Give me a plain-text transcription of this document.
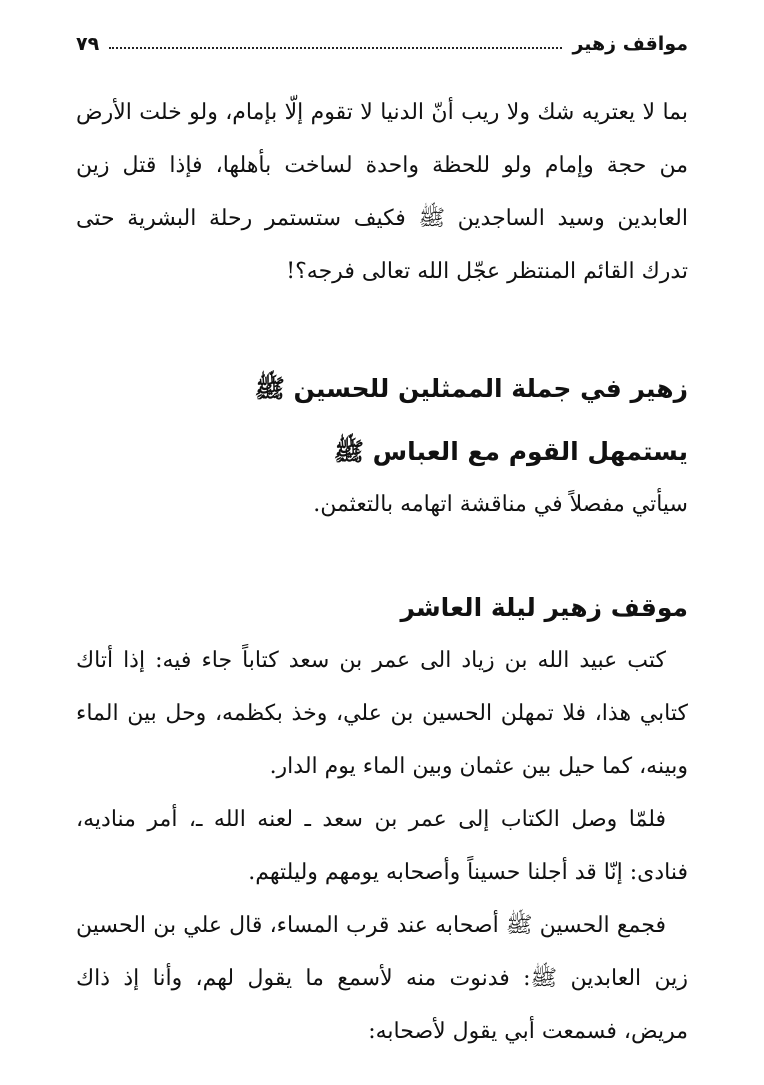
مواقف زهير
٧٩

بما لا يعتريه شك ولا ريب أنّ الدنيا لا تقوم إلّا بإمام، ولو خلت الأرض من حجة وإمام ولو للحظة واحدة لساخت بأهلها، فإذا قتل زين العابدين وسيد الساجدين ﷺ فكيف ستستمر رحلة البشرية حتى تدرك القائم المنتظر عجّل الله تعالى فرجه؟!

زهير في جملة الممثلين للحسين ﷺ
يستمهل القوم مع العباس ﷺ

سيأتي مفصلاً في مناقشة اتهامه بالتعثمن.

موقف زهير ليلة العاشر

كتب عبيد الله بن زياد الى عمر بن سعد كتاباً جاء فيه: إذا أتاك كتابي هذا، فلا تمهلن الحسين بن علي، وخذ بكظمه، وحل بين الماء وبينه، كما حيل بين عثمان وبين الماء يوم الدار.

فلمّا وصل الكتاب إلى عمر بن سعد ـ لعنه الله ـ، أمر مناديه، فنادى: إنّا قد أجلنا حسيناً وأصحابه يومهم وليلتهم.

فجمع الحسين ﷺ أصحابه عند قرب المساء، قال علي بن الحسين زين العابدين ﷺ: فدنوت منه لأسمع ما يقول لهم، وأنا إذ ذاك مريض، فسمعت أبي يقول لأصحابه:
